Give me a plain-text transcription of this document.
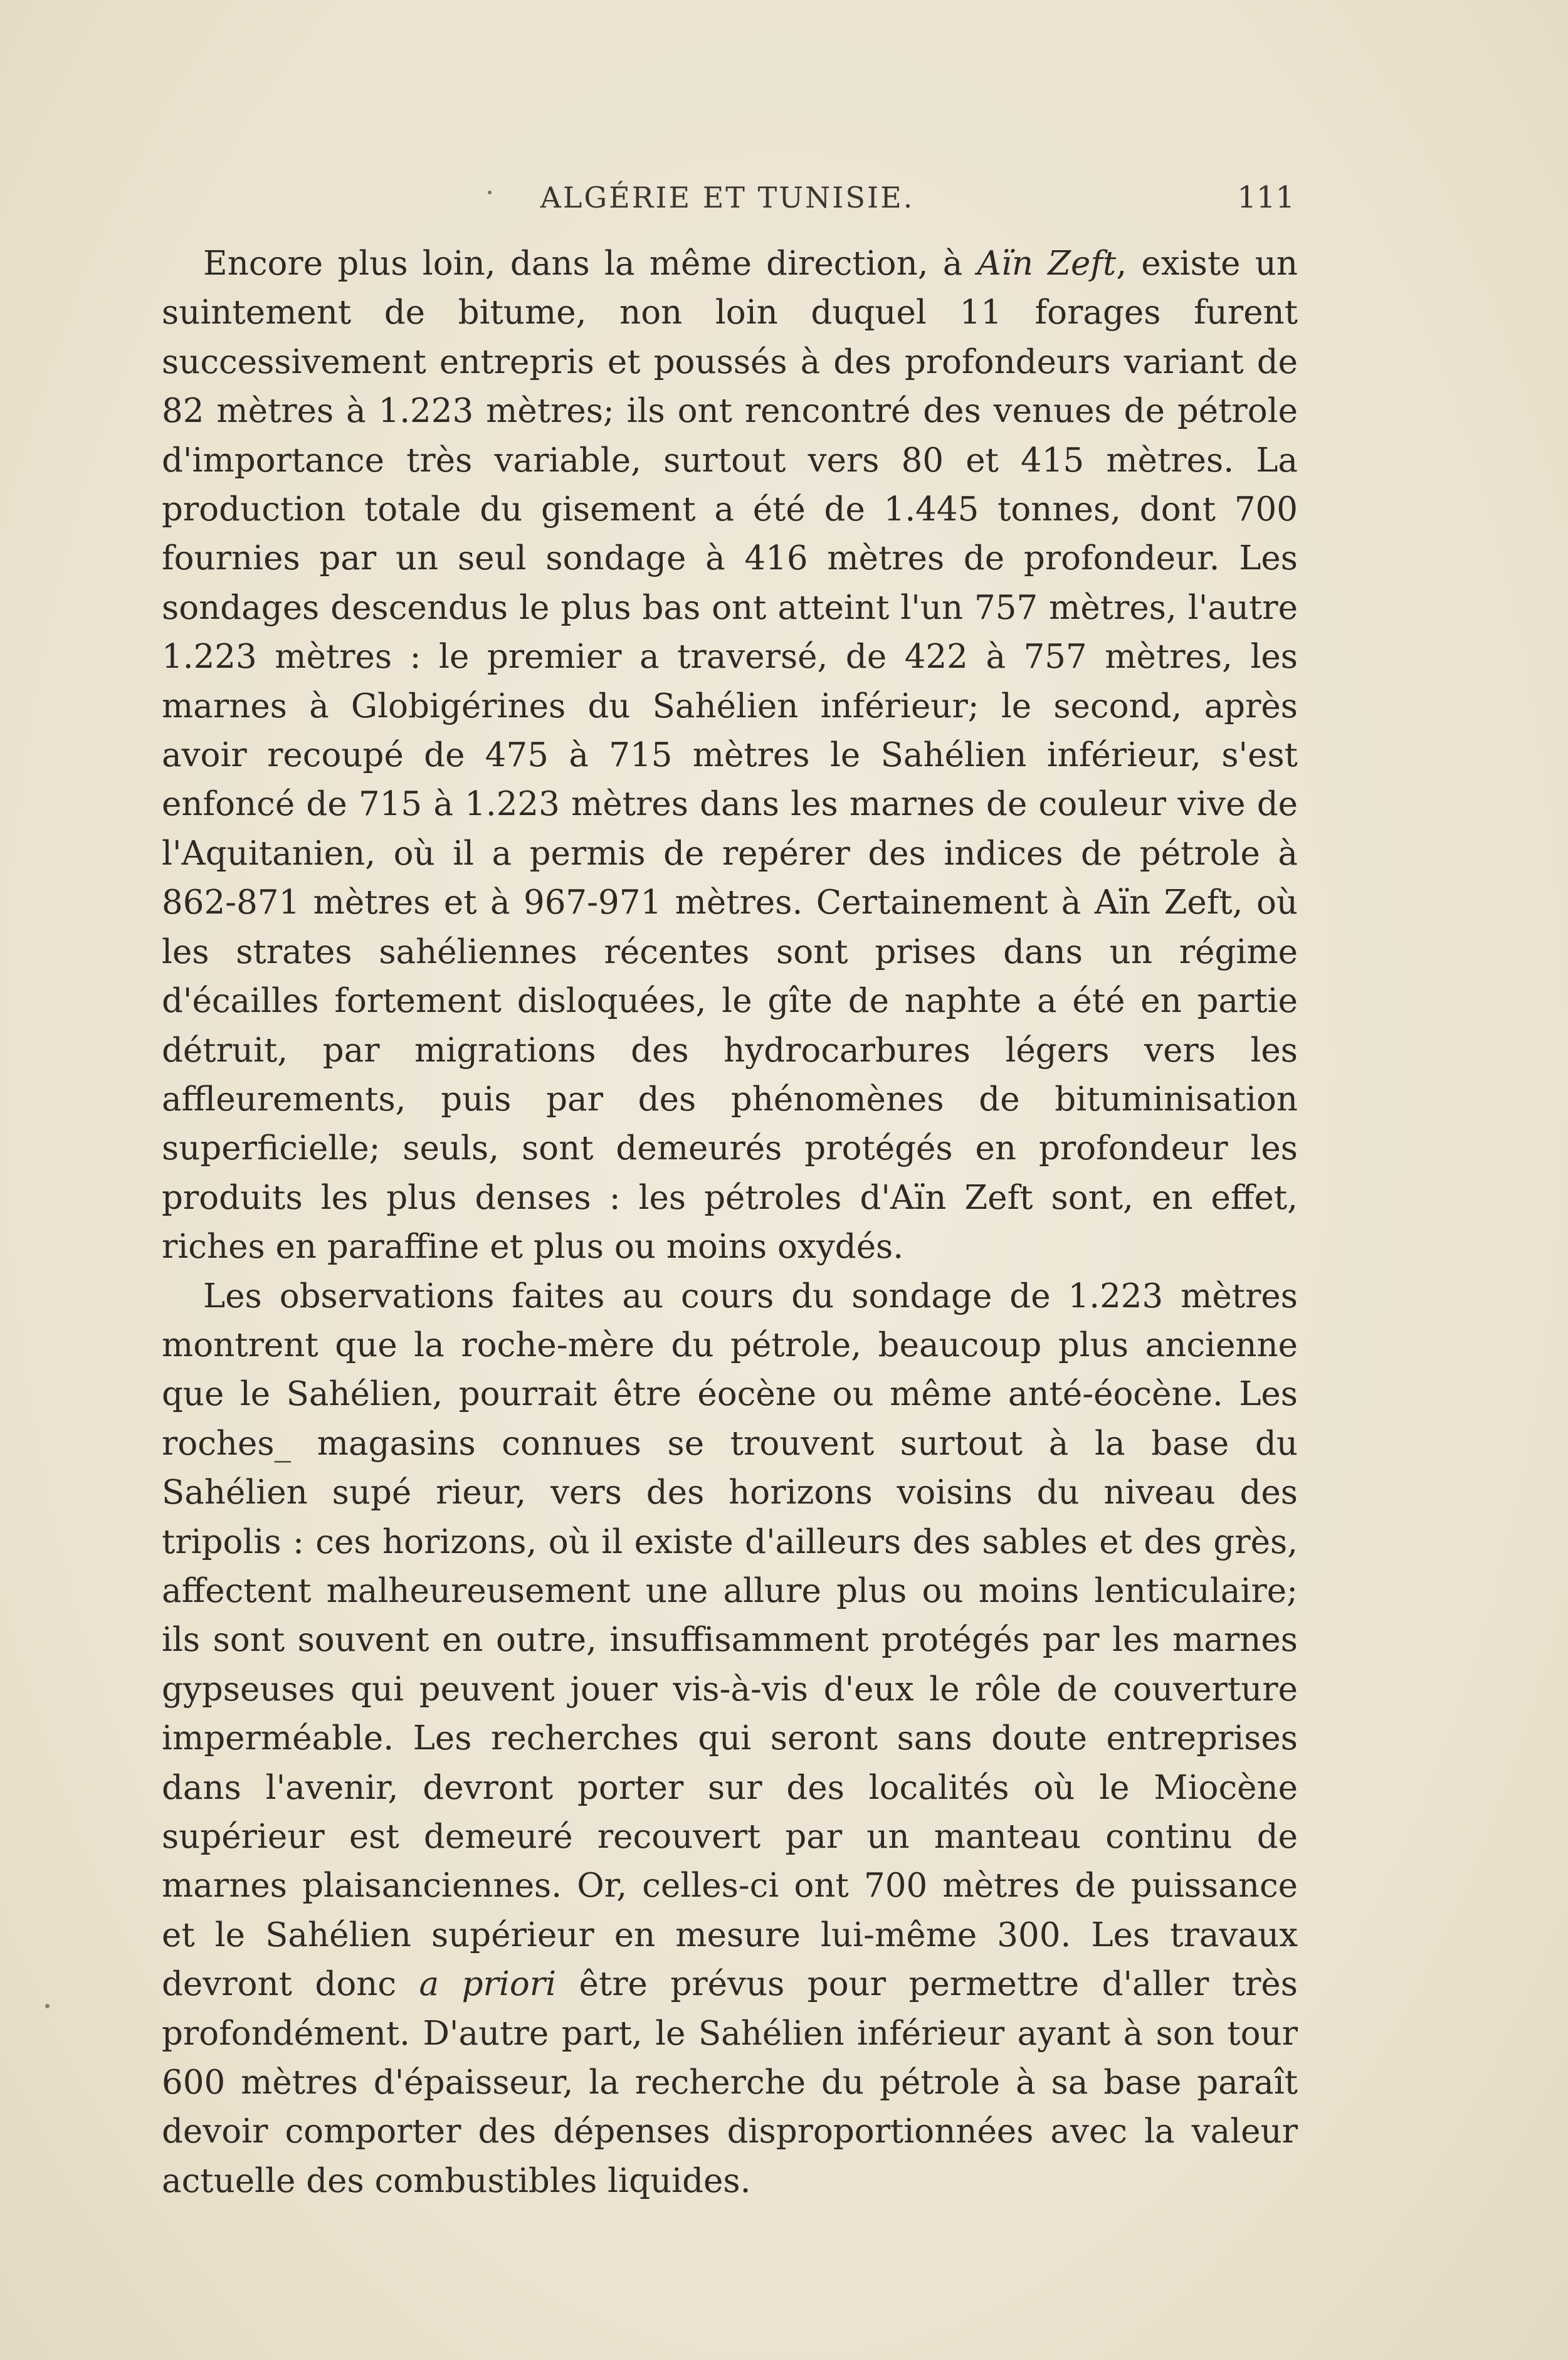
ALGÉRIE ET TUNISIE.	111

Encore plus loin, dans la même direction, à Aïn Zeft, existe un suintement de bitume, non loin duquel 11 forages furent successivement entrepris et poussés à des profondeurs variant de 82 mètres à 1.223 mètres; ils ont rencontré des venues de pétrole d'importance très variable, surtout vers 80 et 415 mètres. La production totale du gisement a été de 1.445 tonnes, dont 700 fournies par un seul sondage à 416 mètres de profondeur. Les sondages descendus le plus bas ont atteint l'un 757 mètres, l'autre 1.223 mètres : le premier a traversé, de 422 à 757 mètres, les marnes à Globigérines du Sahélien inférieur; le second, après avoir recoupé de 475 à 715 mètres le Sahélien inférieur, s'est enfoncé de 715 à 1.223 mètres dans les marnes de couleur vive de l'Aquitanien, où il a permis de repérer des indices de pétrole à 862-871 mètres et à 967-971 mètres. Certainement à Aïn Zeft, où les strates sahéliennes récentes sont prises dans un régime d'écailles fortement disloquées, le gîte de naphte a été en partie détruit, par migrations des hydrocarbures légers vers les affleurements, puis par des phénomènes de bituminisation superficielle; seuls, sont demeurés protégés en profondeur les produits les plus denses : les pétroles d'Aïn Zeft sont, en effet, riches en paraffine et plus ou moins oxydés.

Les observations faites au cours du sondage de 1.223 mètres montrent que la roche-mère du pétrole, beaucoup plus ancienne que le Sahélien, pourrait être éocène ou même anté-éocène. Les roches_ magasins connues se trouvent surtout à la base du Sahélien supé rieur, vers des horizons voisins du niveau des tripolis : ces horizons, où il existe d'ailleurs des sables et des grès, affectent malheureusement une allure plus ou moins lenticulaire; ils sont souvent en outre, insuffisamment protégés par les marnes gypseuses qui peuvent jouer vis-à-vis d'eux le rôle de couverture imperméable. Les recherches qui seront sans doute entreprises dans l'avenir, devront porter sur des localités où le Miocène supérieur est demeuré recouvert par un manteau continu de marnes plaisanciennes. Or, celles-ci ont 700 mètres de puissance et le Sahélien supérieur en mesure lui-même 300. Les travaux devront donc a priori être prévus pour permettre d'aller très profondément. D'autre part, le Sahélien inférieur ayant à son tour 600 mètres d'épaisseur, la recherche du pétrole à sa base paraît devoir comporter des dépenses disproportionnées avec la valeur actuelle des combustibles liquides.
